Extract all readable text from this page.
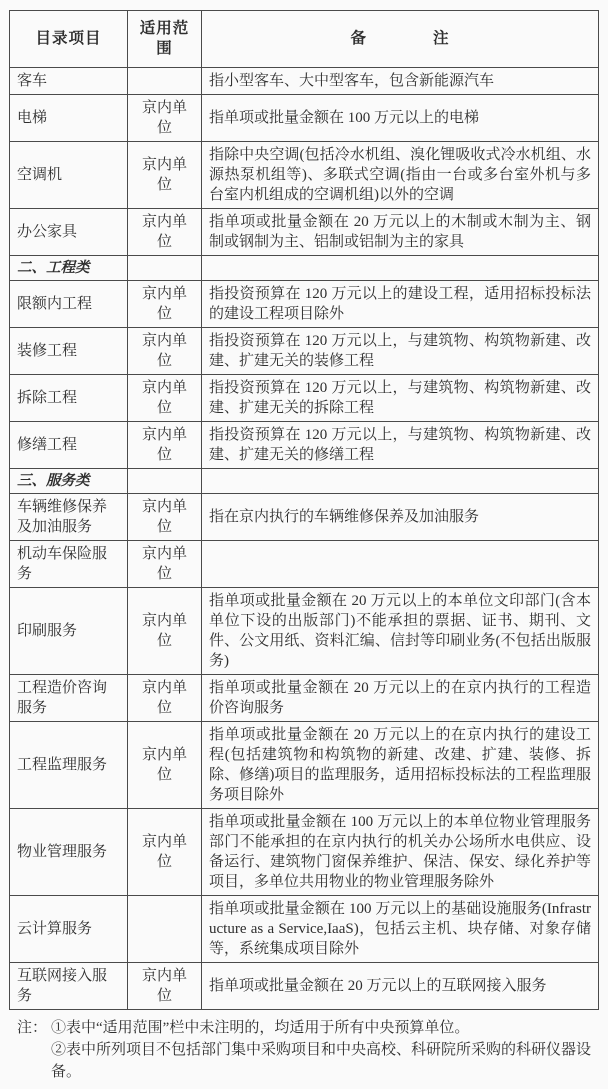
目录项目	适用范围	备　　　　注
客车		指小型客车、大中型客车，包含新能源汽车
电梯	京内单位	指单项或批量金额在 100 万元以上的电梯
空调机	京内单位	指除中央空调(包括冷水机组、溴化锂吸收式冷水机组、水源热泵机组等)、多联式空调(指由一台或多台室外机与多台室内机组成的空调机组)以外的空调
办公家具	京内单位	指单项或批量金额在 20 万元以上的木制或木制为主、钢制或钢制为主、铝制或铝制为主的家具
二、工程类		
限额内工程	京内单位	指投资预算在 120 万元以上的建设工程，适用招标投标法的建设工程项目除外
装修工程	京内单位	指投资预算在 120 万元以上，与建筑物、构筑物新建、改建、扩建无关的装修工程
拆除工程	京内单位	指投资预算在 120 万元以上，与建筑物、构筑物新建、改建、扩建无关的拆除工程
修缮工程	京内单位	指投资预算在 120 万元以上，与建筑物、构筑物新建、改建、扩建无关的修缮工程
三、服务类		
车辆维修保养及加油服务	京内单位	指在京内执行的车辆维修保养及加油服务
机动车保险服务	京内单位	
印刷服务	京内单位	指单项或批量金额在 20 万元以上的本单位文印部门(含本单位下设的出版部门)不能承担的票据、证书、期刊、文件、公文用纸、资料汇编、信封等印刷业务(不包括出版服务)
工程造价咨询服务	京内单位	指单项或批量金额在 20 万元以上的在京内执行的工程造价咨询服务
工程监理服务	京内单位	指单项或批量金额在 20 万元以上的在京内执行的建设工程(包括建筑物和构筑物的新建、改建、扩建、装修、拆除、修缮)项目的监理服务，适用招标投标法的工程监理服务项目除外
物业管理服务	京内单位	指单项或批量金额在 100 万元以上的本单位物业管理服务部门不能承担的在京内执行的机关办公场所水电供应、设备运行、建筑物门窗保养维护、保洁、保安、绿化养护等项目，多单位共用物业的物业管理服务除外
云计算服务		指单项或批量金额在 100 万元以上的基础设施服务(Infrastructure as a Service,IaaS)，包括云主机、块存储、对象存储等，系统集成项目除外
互联网接入服务	京内单位	指单项或批量金额在 20 万元以上的互联网接入服务
注： ①表中“适用范围”栏中未注明的，均适用于所有中央预算单位。
②表中所列项目不包括部门集中采购项目和中央高校、科研院所采购的科研仪器设备。
